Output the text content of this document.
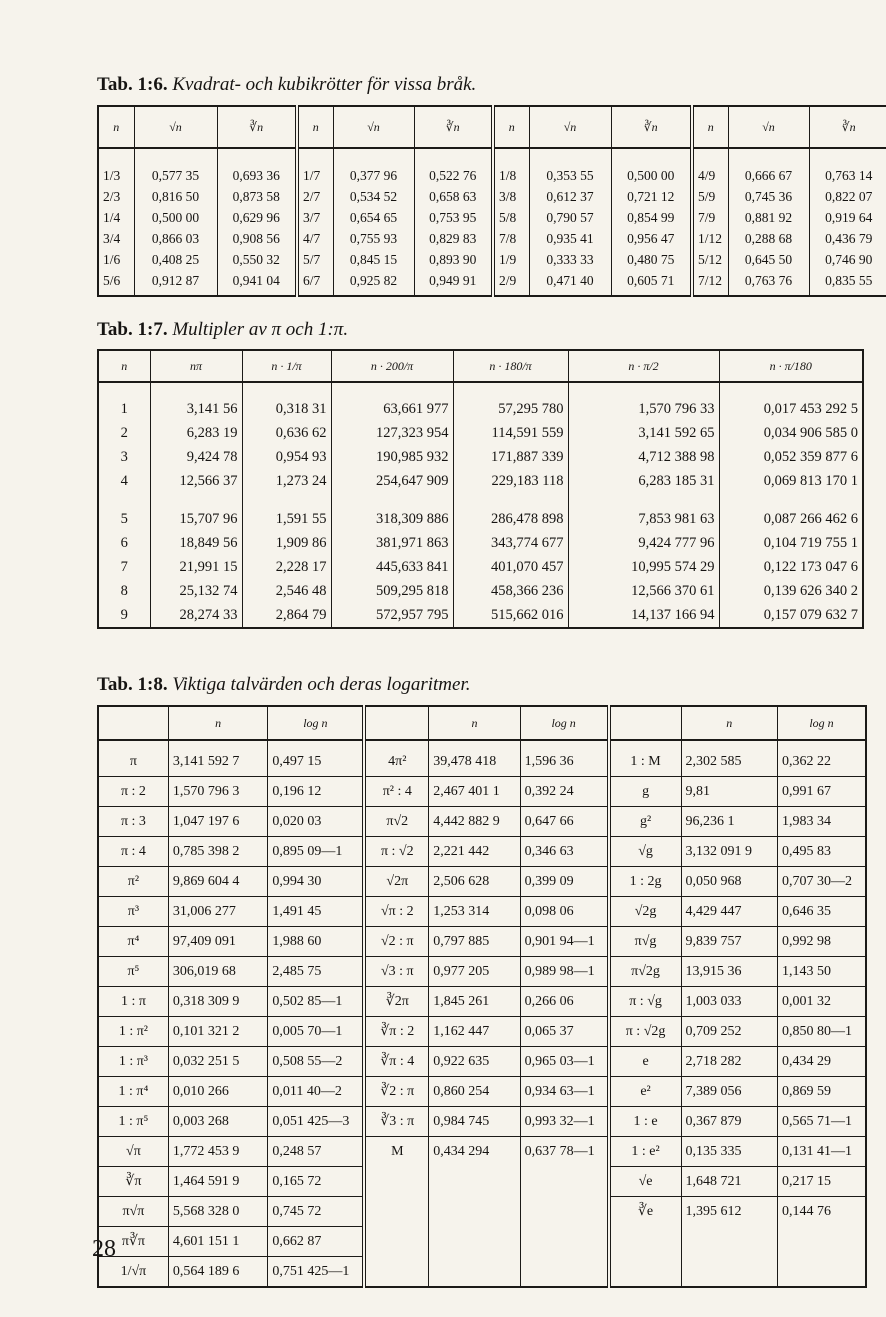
Tab. 1:6. Kvadrat- och kubikrötter för vissa bråk.
n	√n	∛n	n	√n	∛n	n	√n	∛n	n	√n	∛n
1/3	0,577 35	0,693 36	1/7	0,377 96	0,522 76	1/8	0,353 55	0,500 00	4/9	0,666 67	0,763 14
2/3	0,816 50	0,873 58	2/7	0,534 52	0,658 63	3/8	0,612 37	0,721 12	5/9	0,745 36	0,822 07
1/4	0,500 00	0,629 96	3/7	0,654 65	0,753 95	5/8	0,790 57	0,854 99	7/9	0,881 92	0,919 64
3/4	0,866 03	0,908 56	4/7	0,755 93	0,829 83	7/8	0,935 41	0,956 47	1/12	0,288 68	0,436 79
1/6	0,408 25	0,550 32	5/7	0,845 15	0,893 90	1/9	0,333 33	0,480 75	5/12	0,645 50	0,746 90
5/6	0,912 87	0,941 04	6/7	0,925 82	0,949 91	2/9	0,471 40	0,605 71	7/12	0,763 76	0,835 55
Tab. 1:7. Multipler av π och 1:π.
n	nπ	n · 1/π	n · 200/π	n · 180/π	n · π/2	n · π/180
1	3,141 56	0,318 31	63,661 977	57,295 780	1,570 796 33	0,017 453 292 5
2	6,283 19	0,636 62	127,323 954	114,591 559	3,141 592 65	0,034 906 585 0
3	9,424 78	0,954 93	190,985 932	171,887 339	4,712 388 98	0,052 359 877 6
4	12,566 37	1,273 24	254,647 909	229,183 118	6,283 185 31	0,069 813 170 1
5	15,707 96	1,591 55	318,309 886	286,478 898	7,853 981 63	0,087 266 462 6
6	18,849 56	1,909 86	381,971 863	343,774 677	9,424 777 96	0,104 719 755 1
7	21,991 15	2,228 17	445,633 841	401,070 457	10,995 574 29	0,122 173 047 6
8	25,132 74	2,546 48	509,295 818	458,366 236	12,566 370 61	0,139 626 340 2
9	28,274 33	2,864 79	572,957 795	515,662 016	14,137 166 94	0,157 079 632 7
Tab. 1:8. Viktiga talvärden och deras logaritmer.
	n	log n		n	log n		n	log n
π	3,141 592 7	0,497 15	4π²	39,478 418	1,596 36	1 : M	2,302 585	0,362 22
π : 2	1,570 796 3	0,196 12	π² : 4	2,467 401 1	0,392 24	g	9,81	0,991 67
π : 3	1,047 197 6	0,020 03	π√2	4,442 882 9	0,647 66	g²	96,236 1	1,983 34
π : 4	0,785 398 2	0,895 09—1	π : √2	2,221 442	0,346 63	√g	3,132 091 9	0,495 83
π²	9,869 604 4	0,994 30	√2π	2,506 628	0,399 09	1 : 2g	0,050 968	0,707 30—2
π³	31,006 277	1,491 45	√π : 2	1,253 314	0,098 06	√2g	4,429 447	0,646 35
π⁴	97,409 091	1,988 60	√2 : π	0,797 885	0,901 94—1	π√g	9,839 757	0,992 98
π⁵	306,019 68	2,485 75	√3 : π	0,977 205	0,989 98—1	π√2g	13,915 36	1,143 50
1 : π	0,318 309 9	0,502 85—1	∛2π	1,845 261	0,266 06	π : √g	1,003 033	0,001 32
1 : π²	0,101 321 2	0,005 70—1	∛π : 2	1,162 447	0,065 37	π : √2g	0,709 252	0,850 80—1
1 : π³	0,032 251 5	0,508 55—2	∛π : 4	0,922 635	0,965 03—1	e	2,718 282	0,434 29
1 : π⁴	0,010 266	0,011 40—2	∛2 : π	0,860 254	0,934 63—1	e²	7,389 056	0,869 59
1 : π⁵	0,003 268	0,051 425—3	∛3 : π	0,984 745	0,993 32—1	1 : e	0,367 879	0,565 71—1
√π	1,772 453 9	0,248 57	M	0,434 294	0,637 78—1	1 : e²	0,135 335	0,131 41—1
∛π	1,464 591 9	0,165 72				√e	1,648 721	0,217 15
π√π	5,568 328 0	0,745 72				∛e	1,395 612	0,144 76
π∛π	4,601 151 1	0,662 87						
1/√π	0,564 189 6	0,751 425—1						
28
